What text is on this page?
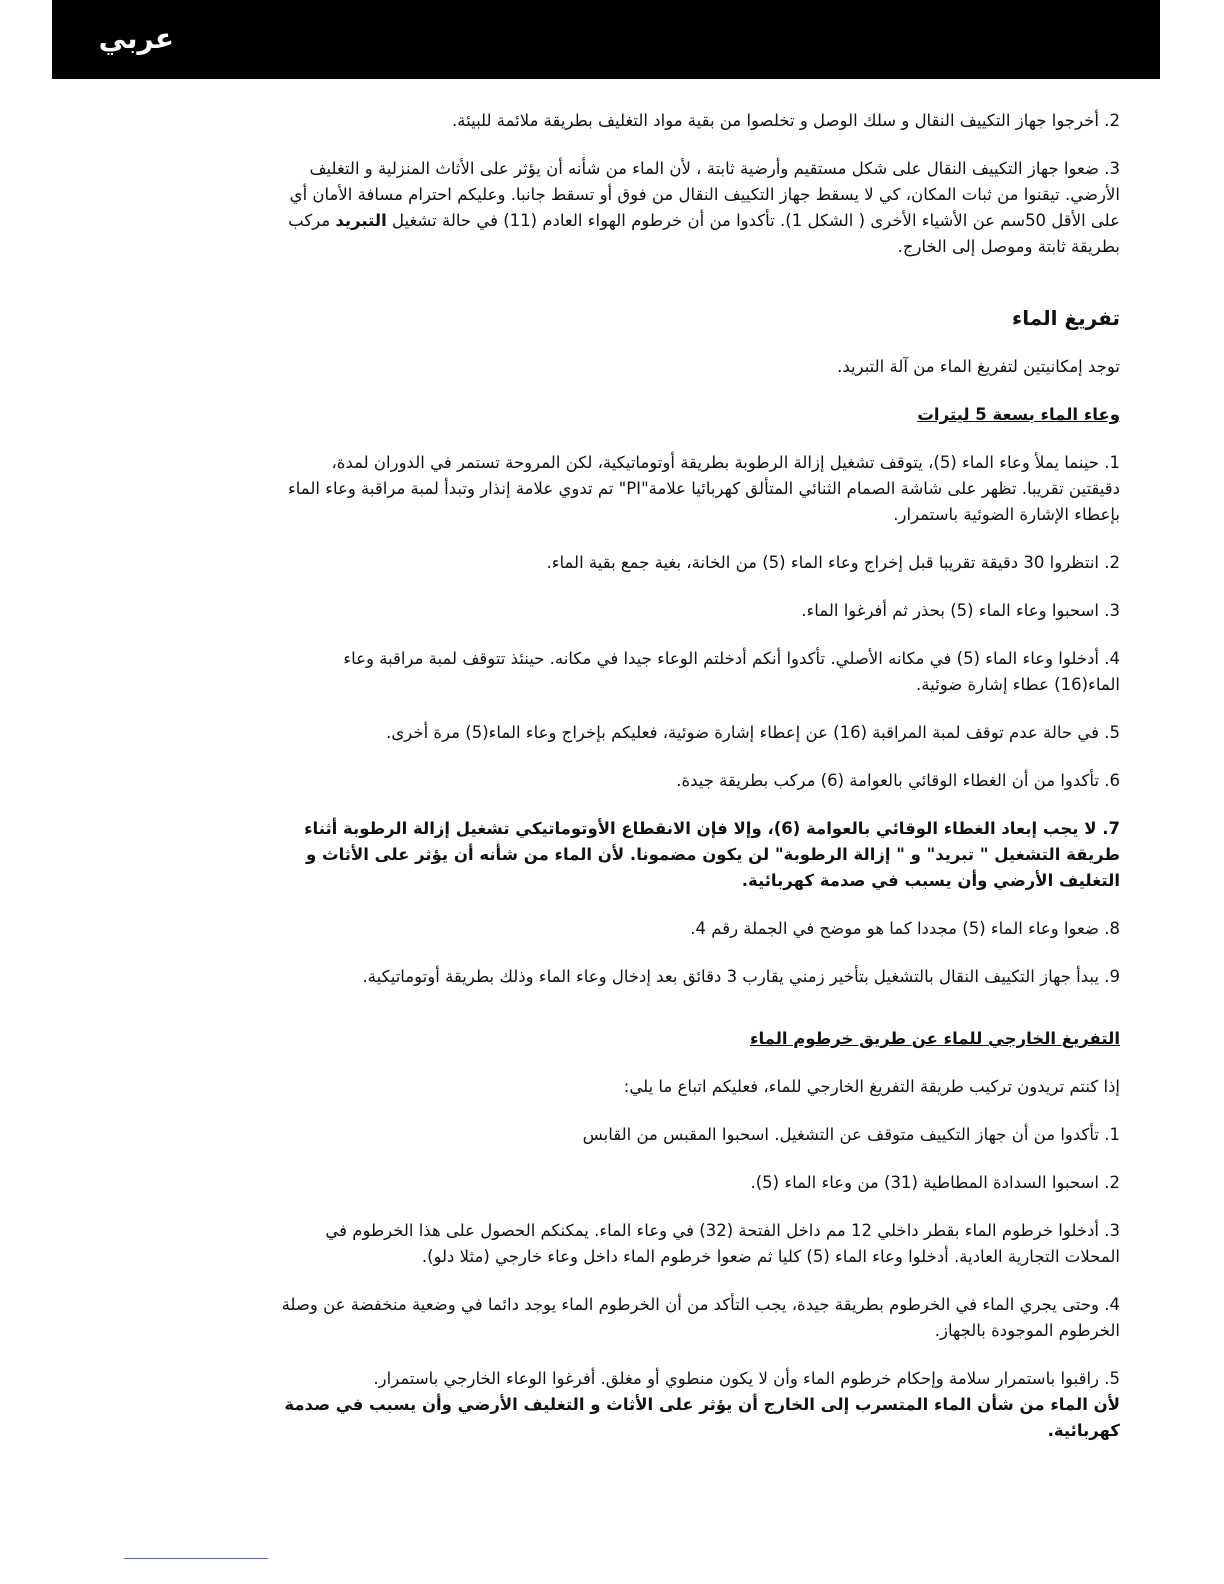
عربي

2. أخرجوا جهاز التكييف النقال و سلك الوصل و تخلصوا من بقية مواد التغليف بطريقة ملائمة للبيئة.

3. ضعوا جهاز التكييف النقال على شكل مستقيم وأرضية ثابتة ، لأن الماء من شأنه أن يؤثر على الأثاث المنزلية و التغليف الأرضي. تيقنوا من ثبات المكان، كي لا يسقط جهاز التكييف النقال من فوق أو تسقط جانبا. وعليكم احترام مسافة الأمان أي على الأقل 50سم عن الأشياء الأخرى ( الشكل 1). تأكدوا من أن خرطوم الهواء العادم (11) في حالة تشغيل التبريد مركب بطريقة ثابتة وموصل إلى الخارج.

تفريغ الماء

توجد إمكانيتين لتفريغ الماء من آلة التبريد.

وعاء الماء بسعة 5 ليترات

1. حينما يملأ وعاء الماء (5)، يتوقف تشغيل إزالة الرطوبة بطريقة أوتوماتيكية، لكن المروحة تستمر في الدوران لمدة، دقيقتين تقريبا. تظهر على شاشة الصمام الثنائي المتألق كهربائيا علامة"PI" تم تدوي علامة إنذار وتبدأ لمبة مراقبة وعاء الماء بإعطاء الإشارة الضوئية باستمرار.

2. انتظروا 30 دقيقة تقريبا قبل إخراج وعاء الماء (5) من الخانة، بغية جمع بقية الماء.

3. اسحبوا وعاء الماء (5) بحذر ثم أفرغوا الماء.

4. أدخلوا وعاء الماء (5) في مكانه الأصلي. تأكدوا أنكم أدخلتم الوعاء جيدا في مكانه. حينئذ تتوقف لمبة مراقبة وعاء الماء(16) عطاء إشارة ضوئية.

5. في حالة عدم توقف لمبة المراقبة (16) عن إعطاء إشارة ضوئية، فعليكم بإخراج وعاء الماء(5) مرة أخرى.

6. تأكدوا من أن الغطاء الوقائي بالعوامة (6) مركب بطريقة جيدة.

7. لا يجب إبعاد الغطاء الوقائي بالعوامة (6)، وإلا فإن الانقطاع الأوتوماتيكي تشغيل إزالة الرطوبة أثناء طريقة التشغيل " تبريد" و " إزالة الرطوبة" لن يكون مضمونا. لأن الماء من شأنه أن يؤثر على الأثاث و التغليف الأرضي وأن يسبب في صدمة كهربائية.

8. ضعوا وعاء الماء (5) مجددا كما هو موضح في الجملة رقم 4.

9. يبدأ جهاز التكييف النقال بالتشغيل بتأخير زمني يقارب 3 دقائق بعد إدخال وعاء الماء وذلك بطريقة أوتوماتيكية.

التفريغ الخارجي للماء عن طريق خرطوم الماء

إذا كنتم تريدون تركيب طريقة التفريغ الخارجي للماء، فعليكم اتباع ما يلي:

1. تأكدوا من أن جهاز التكييف متوقف عن التشغيل. اسحبوا المقبس من القابس

2. اسحبوا السدادة المطاطية (31) من وعاء الماء (5).

3. أدخلوا خرطوم الماء بقطر داخلي 12 مم داخل الفتحة (32) في وعاء الماء. يمكنكم الحصول على هذا الخرطوم في المحلات التجارية العادية. أدخلوا وعاء الماء (5) كليا ثم ضعوا خرطوم الماء داخل وعاء خارجي (مثلا دلو).

4. وحتى يجري الماء في الخرطوم بطريقة جيدة، يجب التأكد من أن الخرطوم الماء يوجد دائما في وضعية منخفضة عن وصلة الخرطوم الموجودة بالجهاز.

5. راقبوا باستمرار سلامة وإحكام خرطوم الماء وأن لا يكون منطوي أو مغلق. أفرغوا الوعاء الخارجي باستمرار.
لأن الماء من شأن الماء المتسرب إلى الخارج أن يؤثر على الأثاث و التغليف الأرضي وأن يسبب في صدمة كهربائية.
